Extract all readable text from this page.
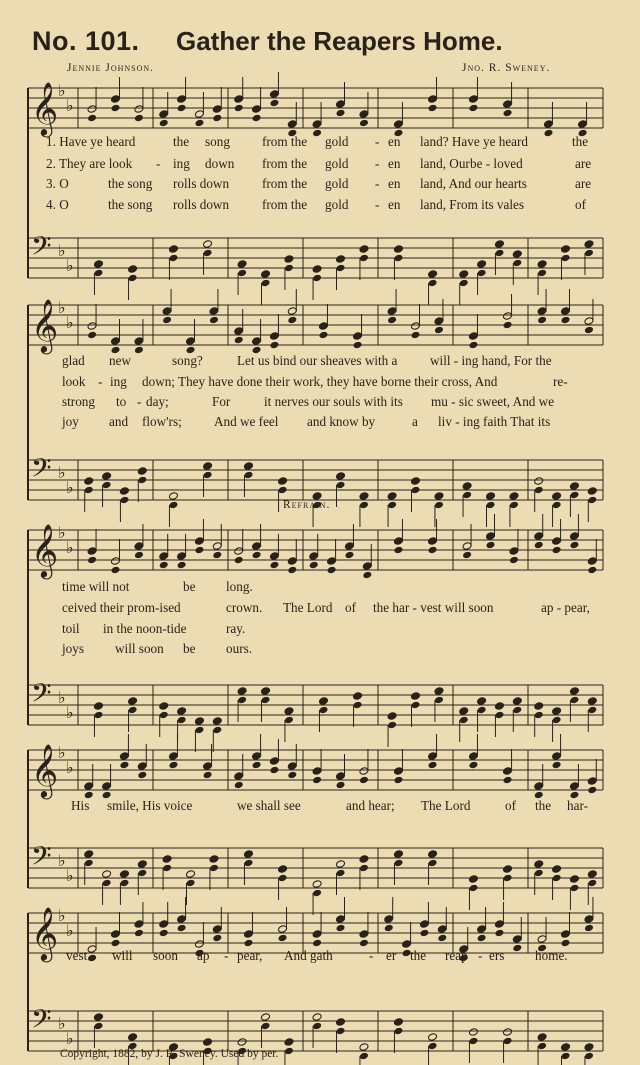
No. 101. Gather the Reapers Home.
Jennie Johnson.	Jno. R. Sweney.
𝄞 ♭
♭
𝄢 ♭
♭
1. Have ye heard	the song from the gold - en land? Have ye heard	the
2. They are look - ing down from the gold - en land, Our be - loved	are
3. O	the song rolls down from the gold - en land, And our hearts	are
4. O	the song rolls down from the gold - en land, From its vales	of
𝄞 ♭
♭
𝄢 ♭
♭
glad new	song?	Let us bind our sheaves with a will - ing hand, For the
look - ing down; They have done their work, they have borne their cross, And	re-
strong to - day;	For	it nerves our souls with its mu - sic sweet, And we
joy and flow'rs; And we feel and know by	a liv - ing faith That its
Refrain.
𝄞 ♭
♭
𝄢 ♭
♭
time will not	be long.
ceived their prom-ised	crown. The Lord of the har - vest will soon	ap - pear,
toil in the noon-tide	ray.
joys will soon be ours.
𝄞 ♭
♭
𝄢 ♭
♭
His smile, His voice	we shall see	and hear; The Lord	of the har-
𝄞 ♭
♭
𝄢 ♭
♭
vest will soon ap - pear, And gath	- er the reap - ers home.
Copyright, 1882, by J. R. Sweney. Used by per.
